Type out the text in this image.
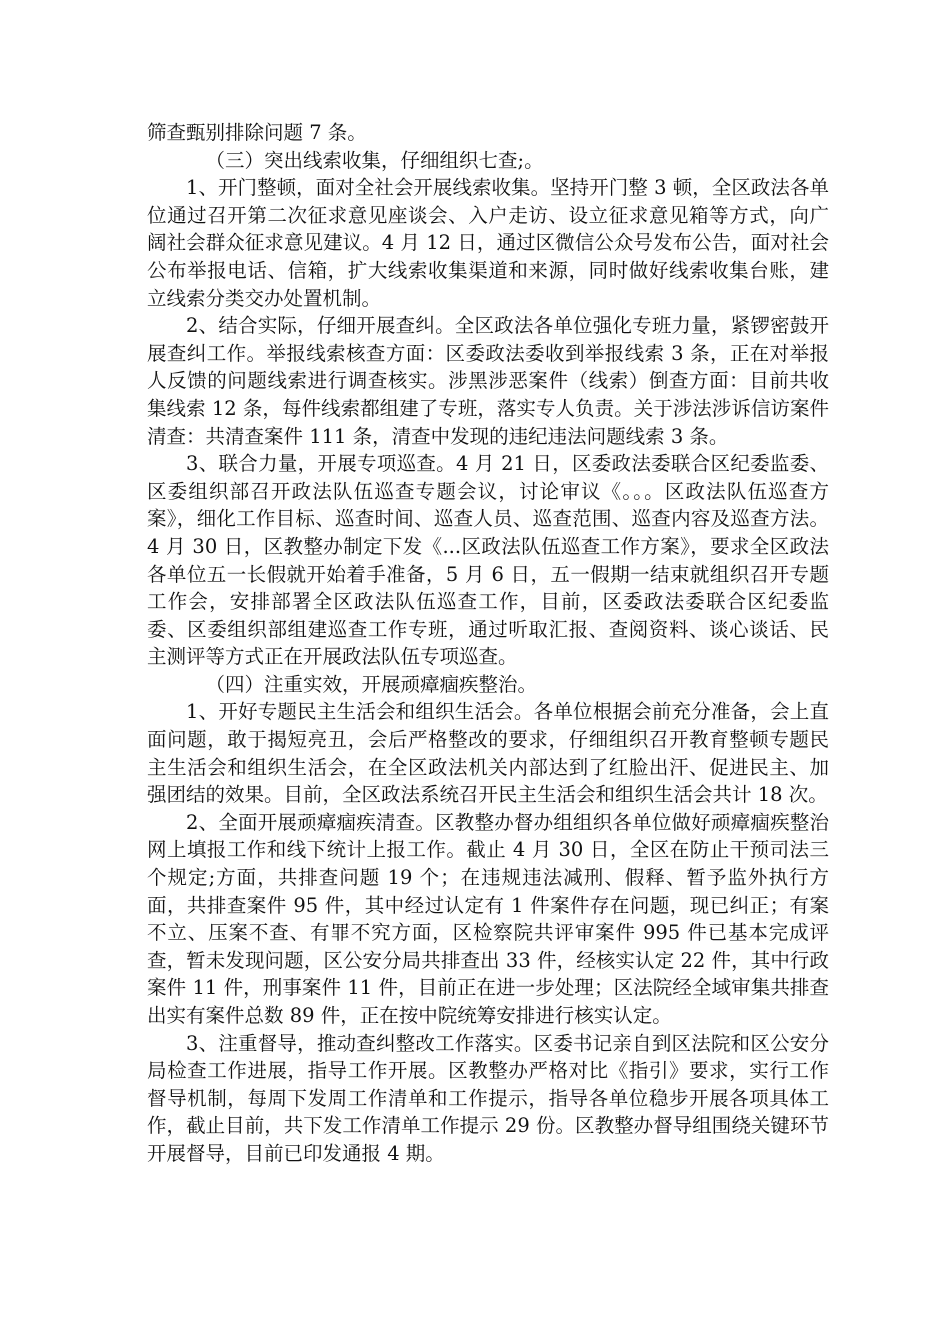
筛查甄别排除问题 7 条。

（三）突出线索收集，仔细组织七查;。

1、开门整顿，面对全社会开展线索收集。坚持开门整 3 顿，全区政法各单位通过召开第二次征求意见座谈会、入户走访、设立征求意见箱等方式，向广阔社会群众征求意见建议。4 月 12 日，通过区微信公众号发布公告，面对社会公布举报电话、信箱，扩大线索收集渠道和来源，同时做好线索收集台账，建立线索分类交办处置机制。

2、结合实际，仔细开展查纠。全区政法各单位强化专班力量，紧锣密鼓开展查纠工作。举报线索核查方面：区委政法委收到举报线索 3 条，正在对举报人反馈的问题线索进行调查核实。涉黑涉恶案件（线索）倒查方面：目前共收集线索 12 条，每件线索都组建了专班，落实专人负责。关于涉法涉诉信访案件清查：共清查案件 111 条，清查中发现的违纪违法问题线索 3 条。

3、联合力量，开展专项巡查。4 月 21 日，区委政法委联合区纪委监委、区委组织部召开政法队伍巡查专题会议，讨论审议《。。。区政法队伍巡查方案》，细化工作目标、巡查时间、巡查人员、巡查范围、巡查内容及巡查方法。4 月 30 日，区教整办制定下发《...区政法队伍巡查工作方案》，要求全区政法各单位五一长假就开始着手准备，5 月 6 日，五一假期一结束就组织召开专题工作会，安排部署全区政法队伍巡查工作，目前，区委政法委联合区纪委监委、区委组织部组建巡查工作专班，通过听取汇报、查阅资料、谈心谈话、民主测评等方式正在开展政法队伍专项巡查。

（四）注重实效，开展顽瘴痼疾整治。

1、开好专题民主生活会和组织生活会。各单位根据会前充分准备，会上直面问题，敢于揭短亮丑，会后严格整改的要求，仔细组织召开教育整顿专题民主生活会和组织生活会，在全区政法机关内部达到了红脸出汗、促进民主、加强团结的效果。目前，全区政法系统召开民主生活会和组织生活会共计 18 次。

2、全面开展顽瘴痼疾清查。区教整办督办组组织各单位做好顽瘴痼疾整治网上填报工作和线下统计上报工作。截止 4 月 30 日，全区在防止干预司法三个规定;方面，共排查问题 19 个；在违规违法减刑、假释、暂予监外执行方面，共排查案件 95 件，其中经过认定有 1 件案件存在问题，现已纠正；有案不立、压案不查、有罪不究方面，区检察院共评审案件 995 件已基本完成评查，暂未发现问题，区公安分局共排查出 33 件，经核实认定 22 件，其中行政案件 11 件，刑事案件 11 件，目前正在进一步处理；区法院经全域审集共排查出实有案件总数 89 件，正在按中院统筹安排进行核实认定。

3、注重督导，推动查纠整改工作落实。区委书记亲自到区法院和区公安分局检查工作进展，指导工作开展。区教整办严格对比《指引》要求，实行工作督导机制，每周下发周工作清单和工作提示，指导各单位稳步开展各项具体工作，截止目前，共下发工作清单工作提示 29 份。区教整办督导组围绕关键环节开展督导，目前已印发通报 4 期。
